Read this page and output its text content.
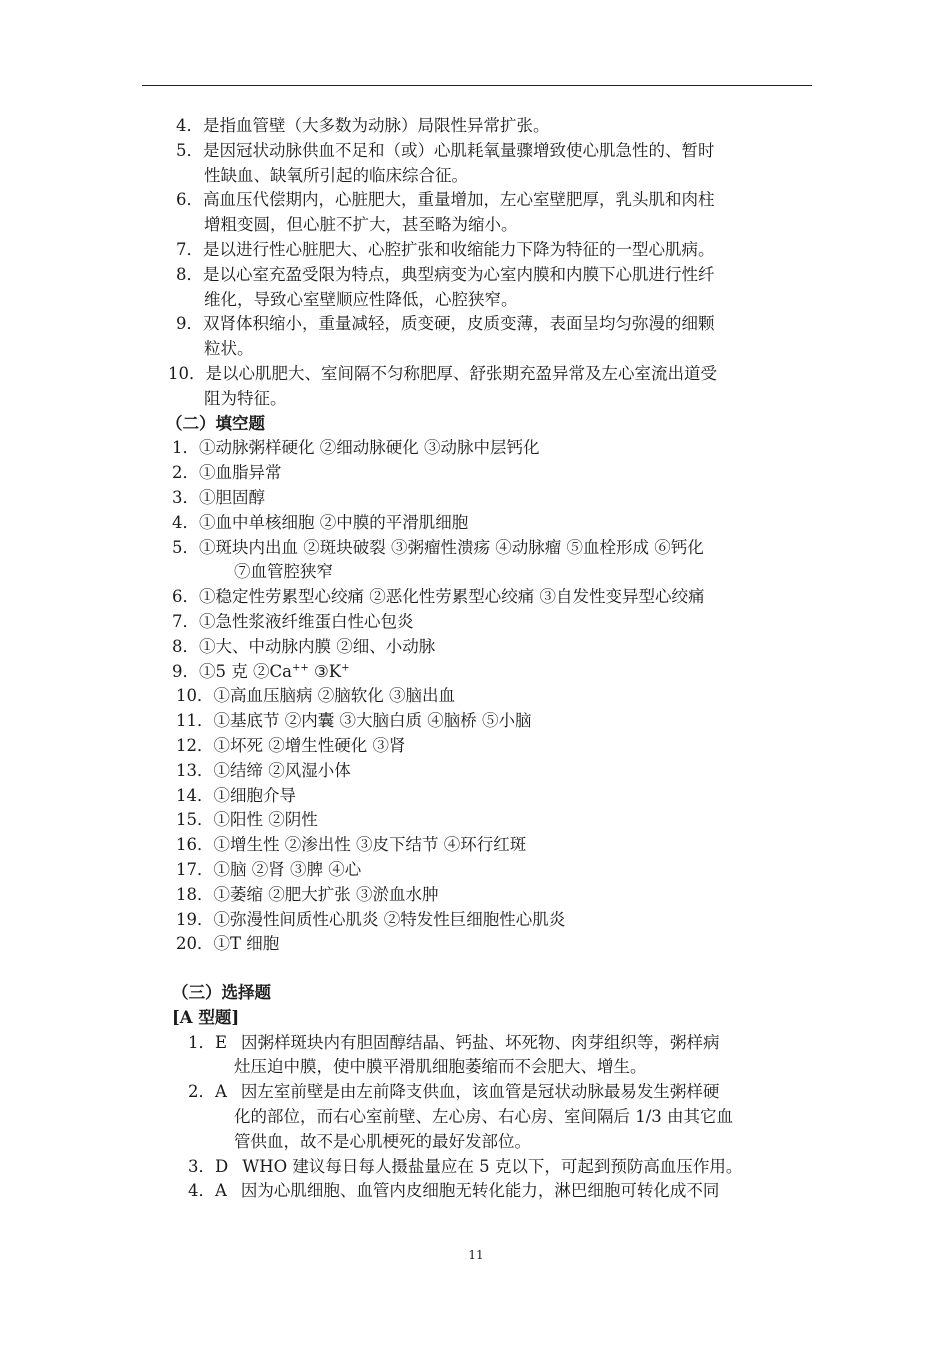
4．是指血管壁（大多数为动脉）局限性异常扩张。
5．是因冠状动脉供血不足和（或）心肌耗氧量骤增致使心肌急性的、暂时
性缺血、缺氧所引起的临床综合征。
6．高血压代偿期内，心脏肥大，重量增加，左心室壁肥厚，乳头肌和肉柱
增粗变圆，但心脏不扩大，甚至略为缩小。
7．是以进行性心脏肥大、心腔扩张和收缩能力下降为特征的一型心肌病。
8．是以心室充盈受限为特点，典型病变为心室内膜和内膜下心肌进行性纤
维化，导致心室壁顺应性降低，心腔狭窄。
9．双肾体积缩小，重量减轻，质变硬，皮质变薄，表面呈均匀弥漫的细颗
粒状。
10．是以心肌肥大、室间隔不匀称肥厚、舒张期充盈异常及左心室流出道受
阻为特征。
（二）填空题
1．①动脉粥样硬化 ②细动脉硬化 ③动脉中层钙化
2．①血脂异常
3．①胆固醇
4．①血中单核细胞 ②中膜的平滑肌细胞
5．①斑块内出血 ②斑块破裂 ③粥瘤性溃疡 ④动脉瘤 ⑤血栓形成 ⑥钙化
⑦血管腔狭窄
6．①稳定性劳累型心绞痛 ②恶化性劳累型心绞痛 ③自发性变异型心绞痛
7．①急性浆液纤维蛋白性心包炎
8．①大、中动脉内膜 ②细、小动脉
9．①5 克 ②Ca++ ③K+
10．①高血压脑病 ②脑软化 ③脑出血
11．①基底节 ②内囊 ③大脑白质 ④脑桥 ⑤小脑
12．①坏死 ②增生性硬化 ③肾
13．①结缔 ②风湿小体
14．①细胞介导
15．①阳性 ②阴性
16．①增生性 ②渗出性 ③皮下结节 ④环行红斑
17．①脑 ②肾 ③脾 ④心
18．①萎缩 ②肥大扩张 ③淤血水肿
19．①弥漫性间质性心肌炎 ②特发性巨细胞性心肌炎
20．①T 细胞
（三）选择题
[A 型题]
1．E 因粥样斑块内有胆固醇结晶、钙盐、坏死物、肉芽组织等，粥样病
灶压迫中膜，使中膜平滑肌细胞萎缩而不会肥大、增生。
2．A 因左室前壁是由左前降支供血，该血管是冠状动脉最易发生粥样硬
化的部位，而右心室前壁、左心房、右心房、室间隔后 1/3 由其它血
管供血，故不是心肌梗死的最好发部位。
3．D WHO 建议每日每人摄盐量应在 5 克以下，可起到预防高血压作用。
4．A 因为心肌细胞、血管内皮细胞无转化能力，淋巴细胞可转化成不同
11
